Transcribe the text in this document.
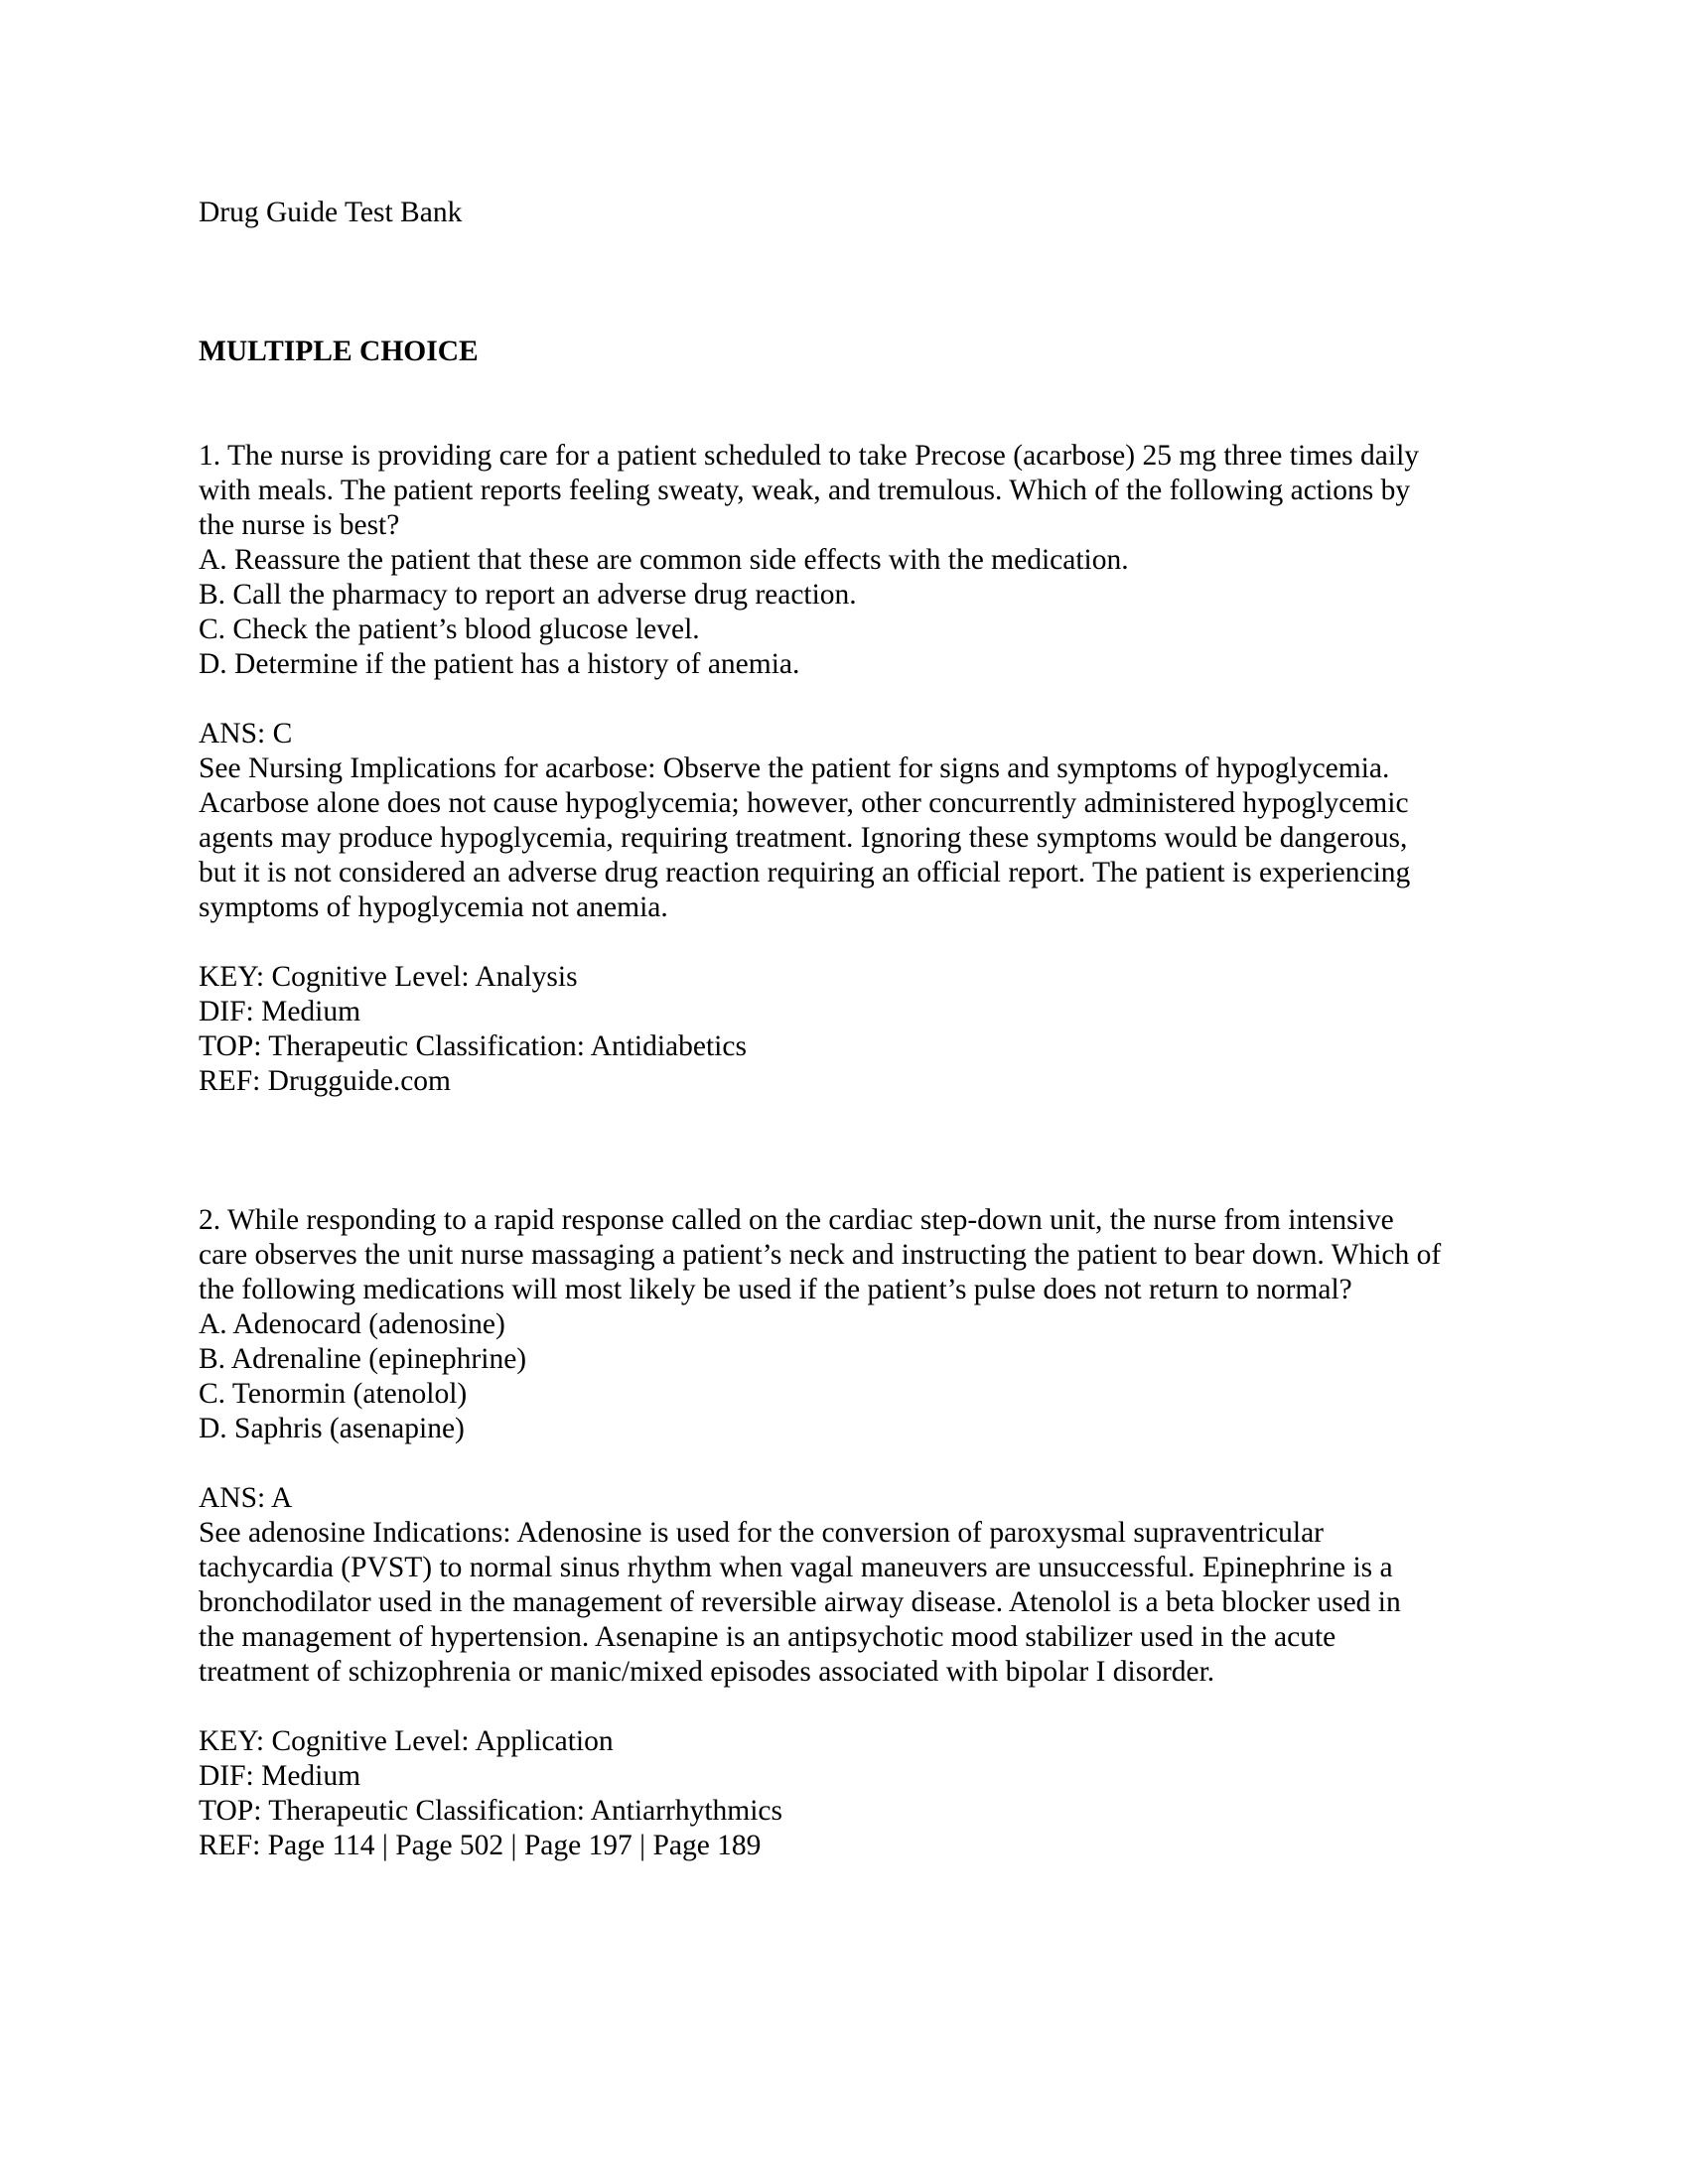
Drug Guide Test Bank
MULTIPLE CHOICE
1. The nurse is providing care for a patient scheduled to take Precose (acarbose) 25 mg three times daily
with meals. The patient reports feeling sweaty, weak, and tremulous. Which of the following actions by
the nurse is best?
A. Reassure the patient that these are common side effects with the medication.
B. Call the pharmacy to report an adverse drug reaction.
C. Check the patient’s blood glucose level.
D. Determine if the patient has a history of anemia.
ANS: C
See Nursing Implications for acarbose: Observe the patient for signs and symptoms of hypoglycemia.
Acarbose alone does not cause hypoglycemia; however, other concurrently administered hypoglycemic
agents may produce hypoglycemia, requiring treatment. Ignoring these symptoms would be dangerous,
but it is not considered an adverse drug reaction requiring an official report. The patient is experiencing
symptoms of hypoglycemia not anemia.
KEY: Cognitive Level: Analysis
DIF: Medium
TOP: Therapeutic Classification: Antidiabetics
REF: Drugguide.com
2. While responding to a rapid response called on the cardiac step-down unit, the nurse from intensive
care observes the unit nurse massaging a patient’s neck and instructing the patient to bear down. Which of
the following medications will most likely be used if the patient’s pulse does not return to normal?
A. Adenocard (adenosine)
B. Adrenaline (epinephrine)
C. Tenormin (atenolol)
D. Saphris (asenapine)
ANS: A
See adenosine Indications: Adenosine is used for the conversion of paroxysmal supraventricular
tachycardia (PVST) to normal sinus rhythm when vagal maneuvers are unsuccessful. Epinephrine is a
bronchodilator used in the management of reversible airway disease. Atenolol is a beta blocker used in
the management of hypertension. Asenapine is an antipsychotic mood stabilizer used in the acute
treatment of schizophrenia or manic/mixed episodes associated with bipolar I disorder.
KEY: Cognitive Level: Application
DIF: Medium
TOP: Therapeutic Classification: Antiarrhythmics
REF: Page 114 | Page 502 | Page 197 | Page 189
